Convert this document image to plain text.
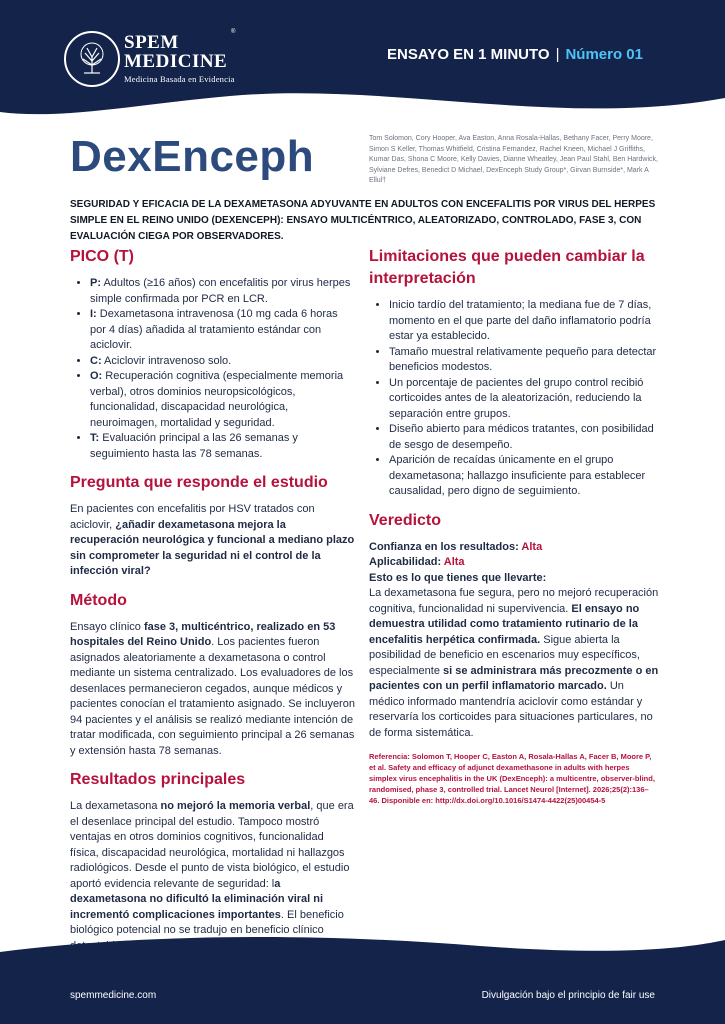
SPEM
MEDICINE
Medicina Basada en Evidencia
®
ENSAYO EN 1 MINUTO | Número 01
DexEnceph	Tom Solomon, Cory Hooper, Ava Easton, Anna Rosala-Hallas, Bethany Facer, Perry Moore, Simon S Keller, Thomas Whitfield, Cristina Fernandez, Rachel Kneen, Michael J Griffiths, Kumar Das, Shona C Moore, Kelly Davies, Dianne Wheatley, Jean Paul Stahl, Ben Hardwick, Sylviane Defres, Benedict D Michael, DexEnceph Study Group*, Girvan Burnside*, Mark A Ellul†
SEGURIDAD Y EFICACIA DE LA DEXAMETASONA ADYUVANTE EN ADULTOS CON ENCEFALITIS POR VIRUS DEL HERPES SIMPLE EN EL REINO UNIDO (DEXENCEPH): ENSAYO MULTICÉNTRICO, ALEATORIZADO, CONTROLADO, FASE 3, CON EVALUACIÓN CIEGA POR OBSERVADORES.
PICO (T)
• P: Adultos (≥16 años) con encefalitis por virus herpes simple confirmada por PCR en LCR.
• I: Dexametasona intravenosa (10 mg cada 6 horas por 4 días) añadida al tratamiento estándar con aciclovir.
• C: Aciclovir intravenoso solo.
• O: Recuperación cognitiva (especialmente memoria verbal), otros dominios neuropsicológicos, funcionalidad, discapacidad neurológica, neuroimagen, mortalidad y seguridad.
• T: Evaluación principal a las 26 semanas y seguimiento hasta las 78 semanas.
Pregunta que responde el estudio

En pacientes con encefalitis por HSV tratados con aciclovir, ¿añadir dexametasona mejora la recuperación neurológica y funcional a mediano plazo sin comprometer la seguridad ni el control de la infección viral?

Método

Ensayo clínico fase 3, multicéntrico, realizado en 53 hospitales del Reino Unido. Los pacientes fueron asignados aleatoriamente a dexametasona o control mediante un sistema centralizado. Los evaluadores de los desenlaces permanecieron cegados, aunque médicos y pacientes conocían el tratamiento asignado. Se incluyeron 94 pacientes y el análisis se realizó mediante intención de tratar modificada, con seguimiento principal a 26 semanas y extensión hasta 78 semanas.

Resultados principales

La dexametasona no mejoró la memoria verbal, que era el desenlace principal del estudio. Tampoco mostró ventajas en otros dominios cognitivos, funcionalidad física, discapacidad neurológica, mortalidad ni hallazgos radiológicos. Desde el punto de vista biológico, el estudio aportó evidencia relevante de seguridad: la dexametasona no dificultó la eliminación viral ni incrementó complicaciones importantes. El beneficio biológico potencial no se tradujo en beneficio clínico

Limitaciones que pueden cambiar la interpretación
• Inicio tardío del tratamiento; la mediana fue de 7 días, momento en el que parte del daño inflamatorio podría estar ya establecido.
• Tamaño muestral relativamente pequeño para detectar beneficios modestos.
• Un porcentaje de pacientes del grupo control recibió corticoides antes de la aleatorización, reduciendo la separación entre grupos.
• Diseño abierto para médicos tratantes, con posibilidad de sesgo de desempeño.
• Aparición de recaídas únicamente en el grupo dexametasona; hallazgo insuficiente para establecer causalidad, pero digno de seguimiento.
Veredicto
Confianza en los resultados: Alta
Aplicabilidad: Alta
Esto es lo que tienes que llevarte:

La dexametasona fue segura, pero no mejoró recuperación cognitiva, funcionalidad ni supervivencia. El ensayo no demuestra utilidad como tratamiento rutinario de la encefalitis herpética confirmada. Sigue abierta la posibilidad de beneficio en escenarios muy específicos, especialmente si se administrara más precozmente o en pacientes con un perfil inflamatorio marcado. Un médico informado mantendría aciclovir como estándar y reservaría los corticoides para situaciones particulares, no de forma sistemática.

Referencia: Solomon T, Hooper C, Easton A, Rosala-Hallas A, Facer B, Moore P, et al. Safety and efficacy of adjunct dexamethasone in adults with herpes simplex virus encephalitis in the UK (DexEnceph): a multicentre, observer-blind, randomised, phase 3, controlled trial. Lancet Neurol [Internet]. 2026;25(2):136–46. Disponible en: http://dx.doi.org/10.1016/S1474-4422(25)00454-5
spemmedicine.com	Divulgación bajo el principio de fair use
